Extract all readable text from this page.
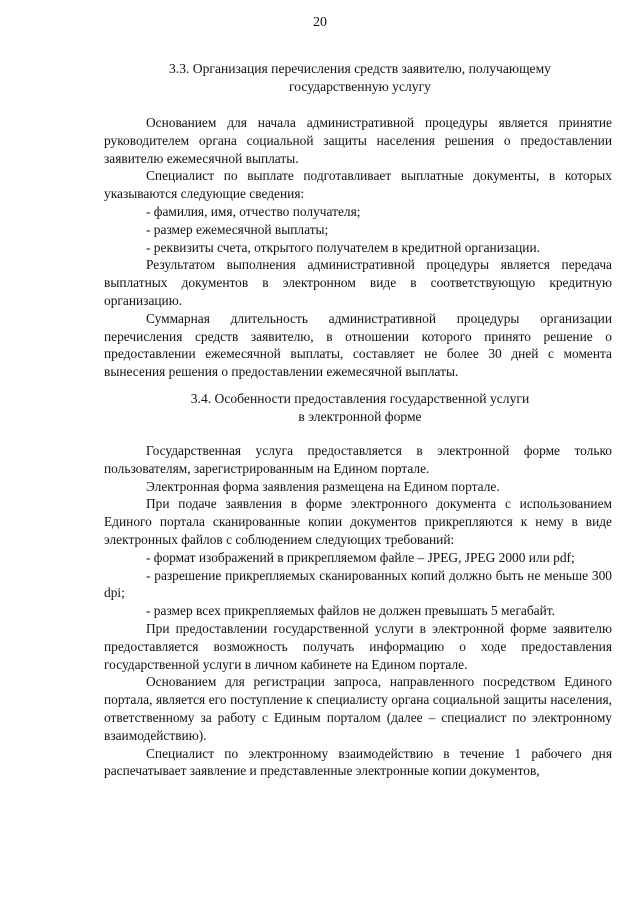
20
3.3. Организация перечисления средств заявителю, получающему
государственную услугу

Основанием для начала административной процедуры является принятие руководителем органа социальной защиты населения решения о предоставлении заявителю ежемесячной выплаты.

Специалист по выплате подготавливает выплатные документы, в которых указываются следующие сведения:

- фамилия, имя, отчество получателя;

- размер ежемесячной выплаты;

- реквизиты счета, открытого получателем в кредитной организации.

Результатом выполнения административной процедуры является передача выплатных документов в электронном виде в соответствующую кредитную организацию.

Суммарная длительность административной процедуры организации перечисления средств заявителю, в отношении которого принято решение о предоставлении ежемесячной выплаты, составляет не более 30 дней с момента вынесения решения о предоставлении ежемесячной выплаты.

3.4. Особенности предоставления государственной услуги
в электронной форме

Государственная услуга предоставляется в электронной форме только пользователям, зарегистрированным на Едином портале.

Электронная форма заявления размещена на Едином портале.

При подаче заявления в форме электронного документа с использованием Единого портала сканированные копии документов прикрепляются к нему в виде электронных файлов с соблюдением следующих требований:

- формат изображений в прикрепляемом файле – JPEG, JPEG 2000 или pdf;

- разрешение прикрепляемых сканированных копий должно быть не меньше 300 dpi;

- размер всех прикрепляемых файлов не должен превышать 5 мегабайт.

При предоставлении государственной услуги в электронной форме заявителю предоставляется возможность получать информацию о ходе предоставления государственной услуги в личном кабинете на Едином портале.

Основанием для регистрации запроса, направленного посредством Единого портала, является его поступление к специалисту органа социальной защиты населения, ответственному за работу с Единым порталом (далее – специалист по электронному взаимодействию).

Специалист по электронному взаимодействию в течение 1 рабочего дня распечатывает заявление и представленные электронные копии документов,
